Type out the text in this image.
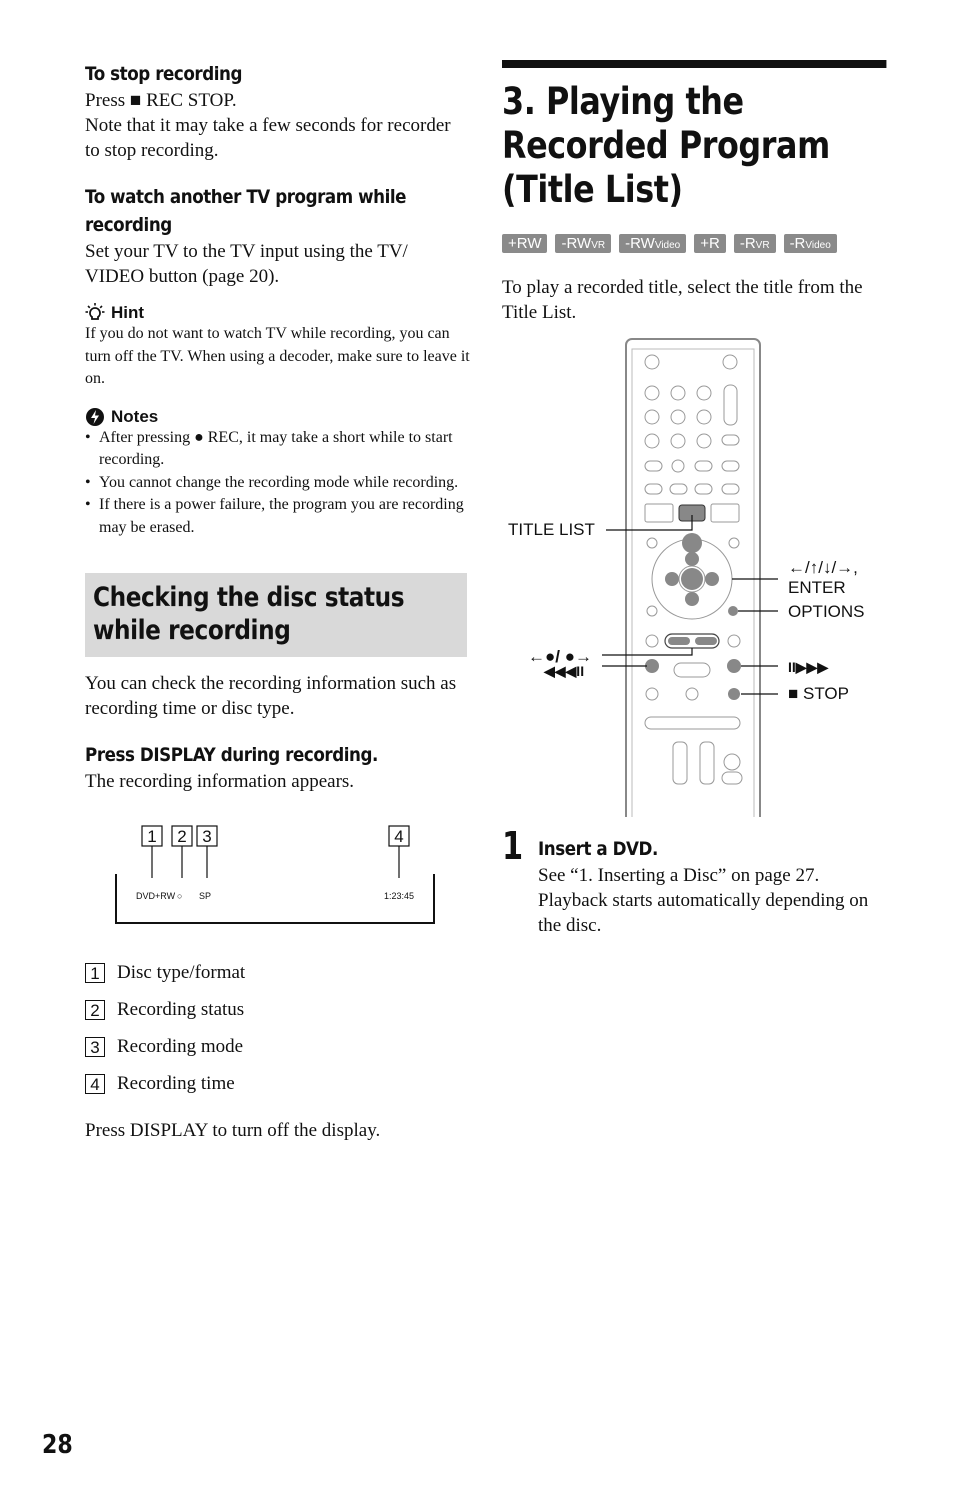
To stop recording

Press ■ REC STOP.

Note that it may take a few seconds for recorder to stop recording.

To watch another TV program while recording

Set your TV to the TV input using the TV/ VIDEO button (page 20).

Hint

If you do not want to watch TV while recording, you can turn off the TV. When using a decoder, make sure to leave it on.

Notes

• After pressing ● REC, it may take a short while to start recording.
• You cannot change the recording mode while recording.
• If there is a power failure, the program you are recording may be erased.
Checking the disc status while recording

You can check the recording information such as recording time or disc type.

Press DISPLAY during recording.

The recording information appears.

1 2 3	4
DVD+RW ○ SP	1:23:45
1 Disc type/format
2 Recording status
3 Recording mode
4 Recording time

Press DISPLAY to turn off the display.

3. Playing the Recorded Program (Title List)
+RW	-RWVR	-RWVideo	+R	-RVR	-RVideo

To play a recorded title, select the title from the Title List.

TITLE LIST
←/↑/↓/→,
ENTER
OPTIONS
←●/ ●→
◀◀◀II	II▶▶▶
■ STOP
1 Insert a DVD.

See “1. Inserting a Disc” on page 27. Playback starts automatically depending on the disc.

28
